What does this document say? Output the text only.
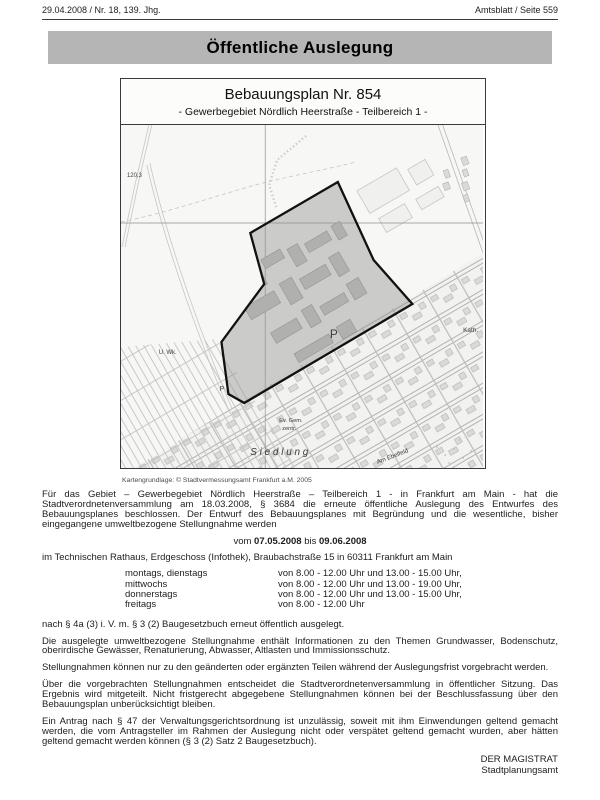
29.04.2008 / Nr. 18, 139. Jhg.	Amtsblatt / Seite 559
Öffentliche Auslegung
Bebauungsplan Nr. 854
- Gewerbegebiet Nördlich Heerstraße - Teilbereich 1 -
120,3
U. Wk.
P
P
Kath.
Ev. Gem.
zentr.
S i e d l u n g	Am Ebelfeld
Kartengrundlage: © Stadtvermessungsamt Frankfurt a.M. 2005

Für das Gebiet – Gewerbegebiet Nördlich Heerstraße – Teilbereich 1 - in Frankfurt am Main - hat die Stadtverordnetenversammlung am 18.03.2008, § 3684 die erneute öffentliche Auslegung des Entwurfes des Bebauungsplanes beschlossen. Der Entwurf des Bebauungsplanes mit Begründung und die wesentliche, bisher eingegangene umweltbezogene Stellungnahme werden

vom 07.05.2008 bis 09.06.2008

im Technischen Rathaus, Erdgeschoss (Infothek), Braubachstraße 15 in 60311 Frankfurt am Main

montags, dienstags	von 8.00 - 12.00 Uhr und 13.00 - 15.00 Uhr,
mittwochs	von 8.00 - 12.00 Uhr und 13.00 - 19.00 Uhr,
donnerstags	von 8.00 - 12.00 Uhr und 13.00 - 15.00 Uhr,
freitags	von 8.00 - 12.00 Uhr

nach § 4a (3) i. V. m. § 3 (2) Baugesetzbuch erneut öffentlich ausgelegt.

Die ausgelegte umweltbezogene Stellungnahme enthält Informationen zu den Themen Grundwasser, Bodenschutz, oberirdische Gewässer, Renaturierung, Abwasser, Altlasten und Immissionsschutz.

Stellungnahmen können nur zu den geänderten oder ergänzten Teilen während der Auslegungsfrist vorgebracht werden.

Über die vorgebrachten Stellungnahmen entscheidet die Stadtverordnetenversammlung in öffentlicher Sitzung. Das Ergebnis wird mitgeteilt. Nicht fristgerecht abgegebene Stellungnahmen können bei der Beschlussfassung über den Bebauungsplan unberücksichtigt bleiben.

Ein Antrag nach § 47 der Verwaltungsgerichtsordnung ist unzulässig, soweit mit ihm Einwendungen geltend gemacht werden, die vom Antragsteller im Rahmen der Auslegung nicht oder verspätet geltend gemacht wurden, aber hätten geltend gemacht werden können (§ 3 (2) Satz 2 Baugesetzbuch).

DER MAGISTRAT
Stadtplanungsamt
